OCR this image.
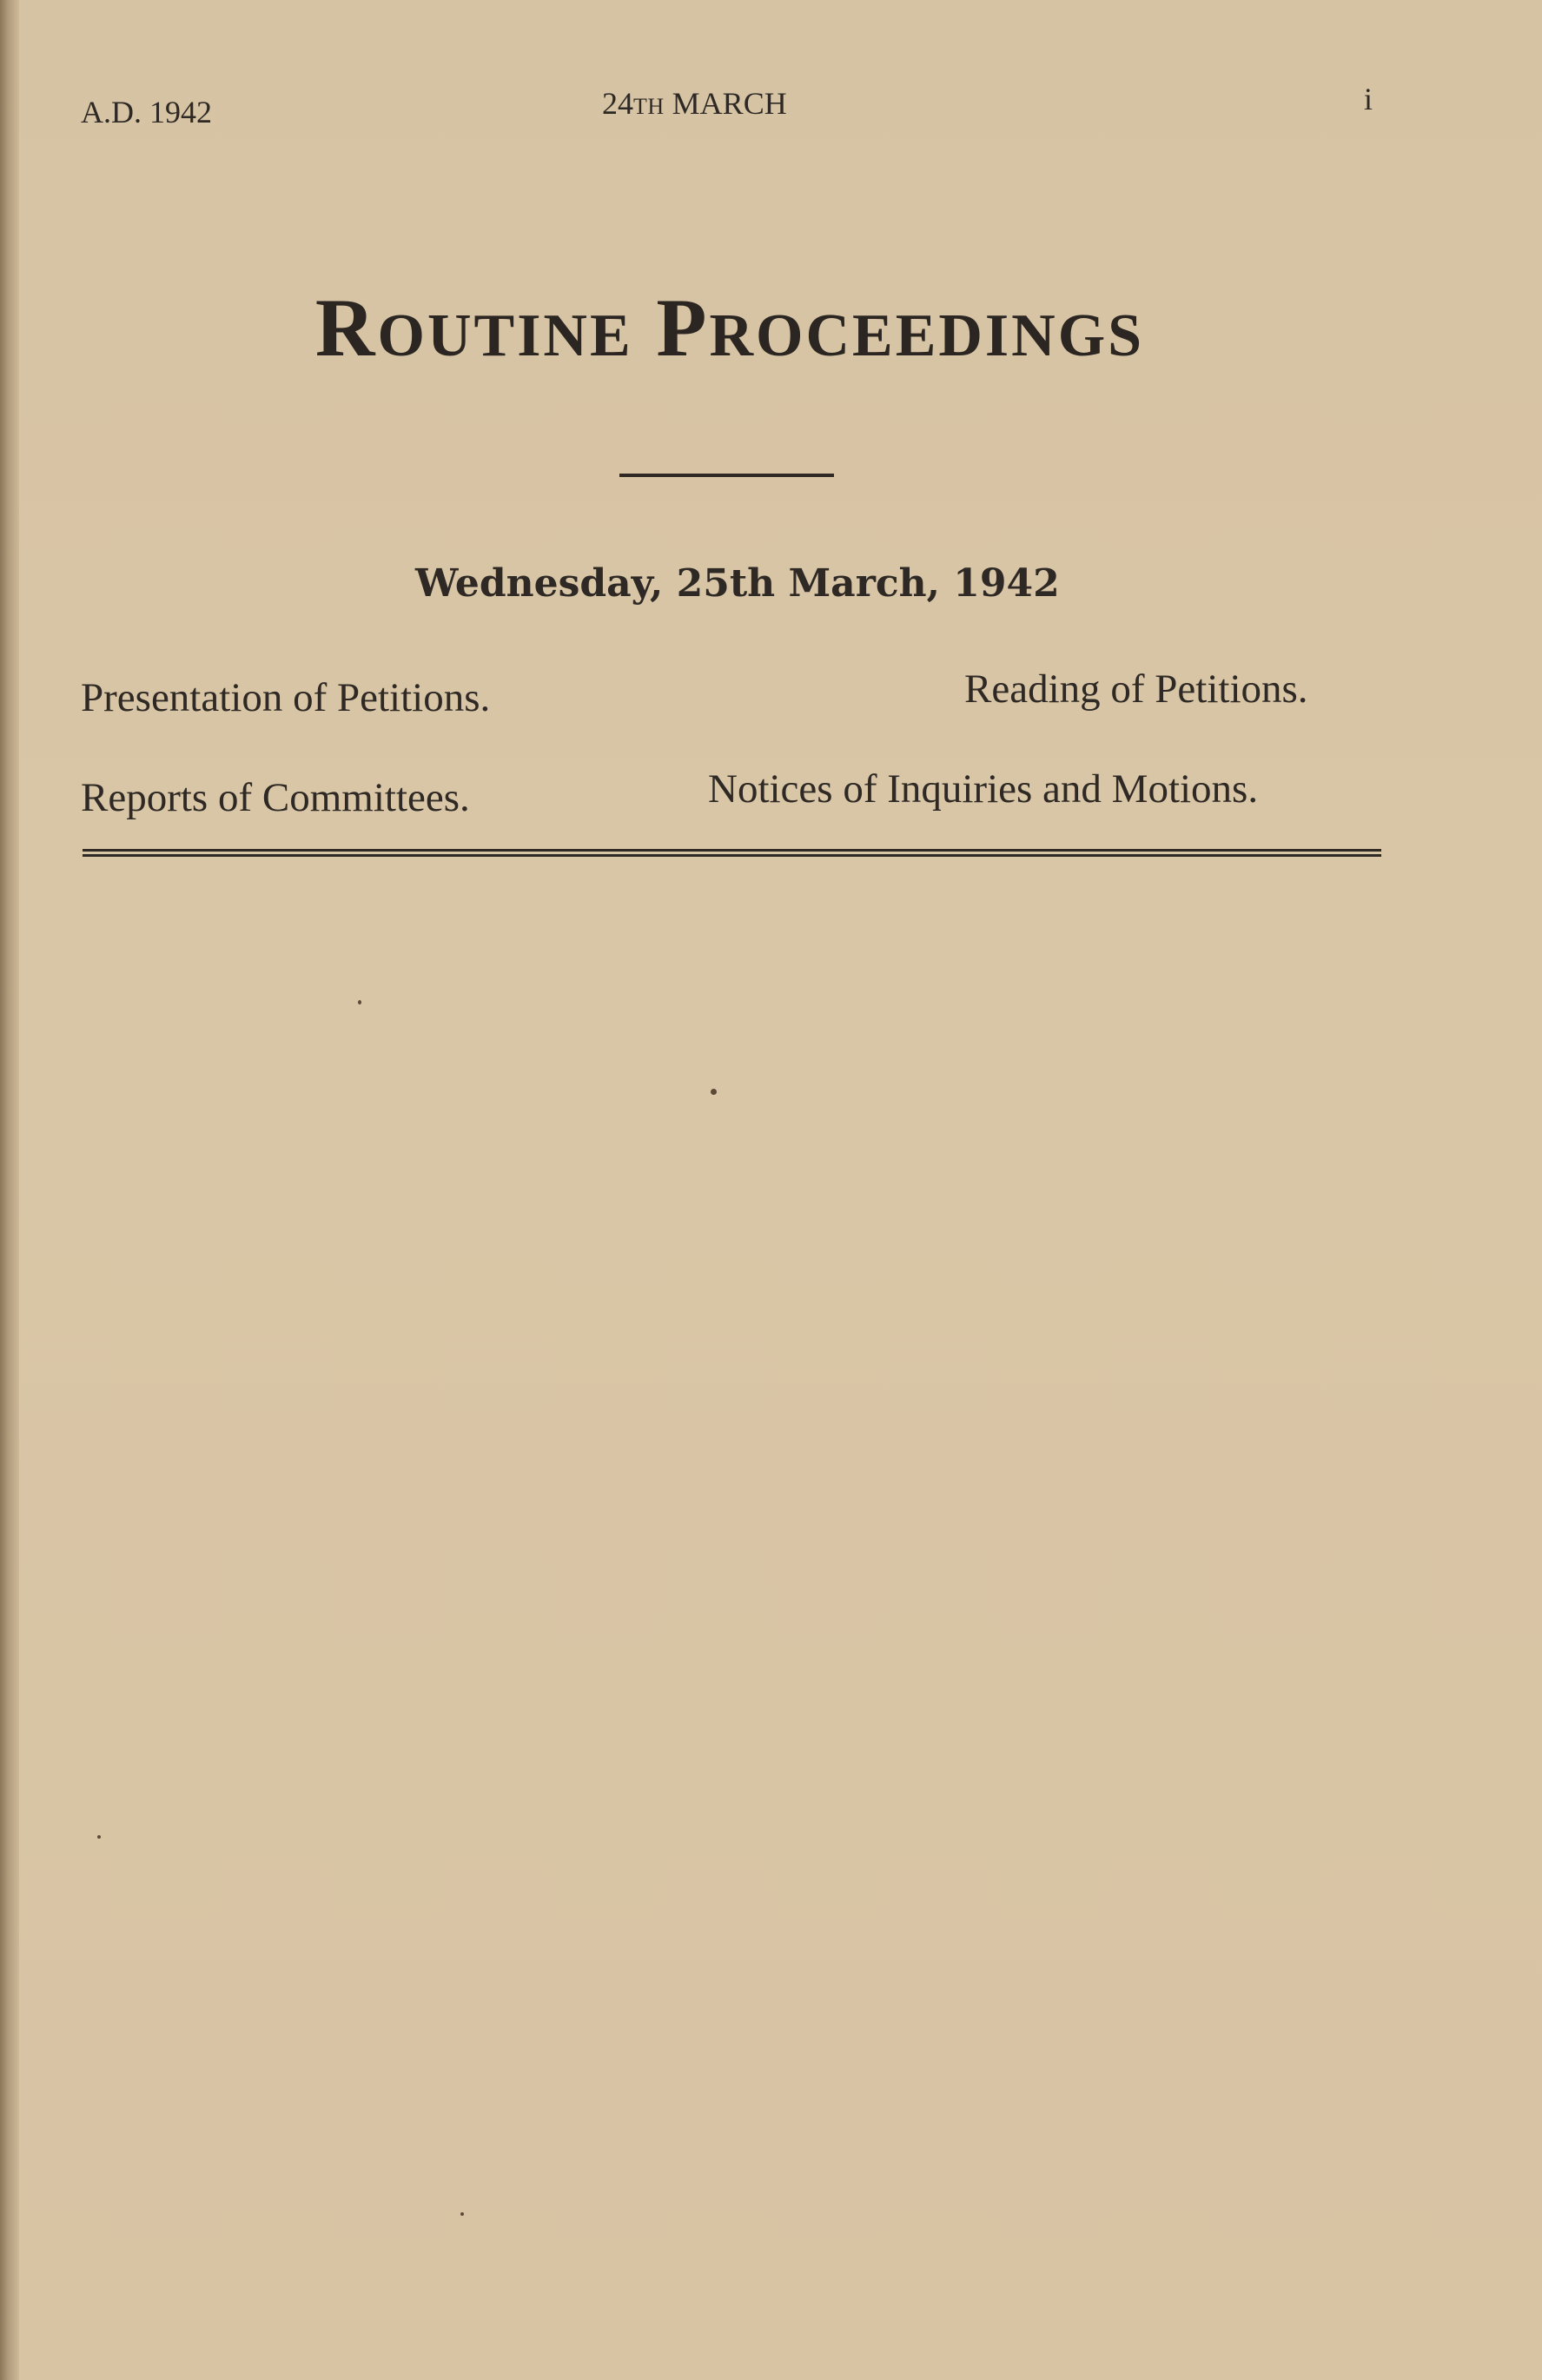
A.D. 1942	24TH MARCH	i
ROUTINE PROCEEDINGS
Wednesday, 25th March, 1942
Presentation of Petitions.	Reading of Petitions.
Reports of Committees.	Notices of Inquiries and Motions.
